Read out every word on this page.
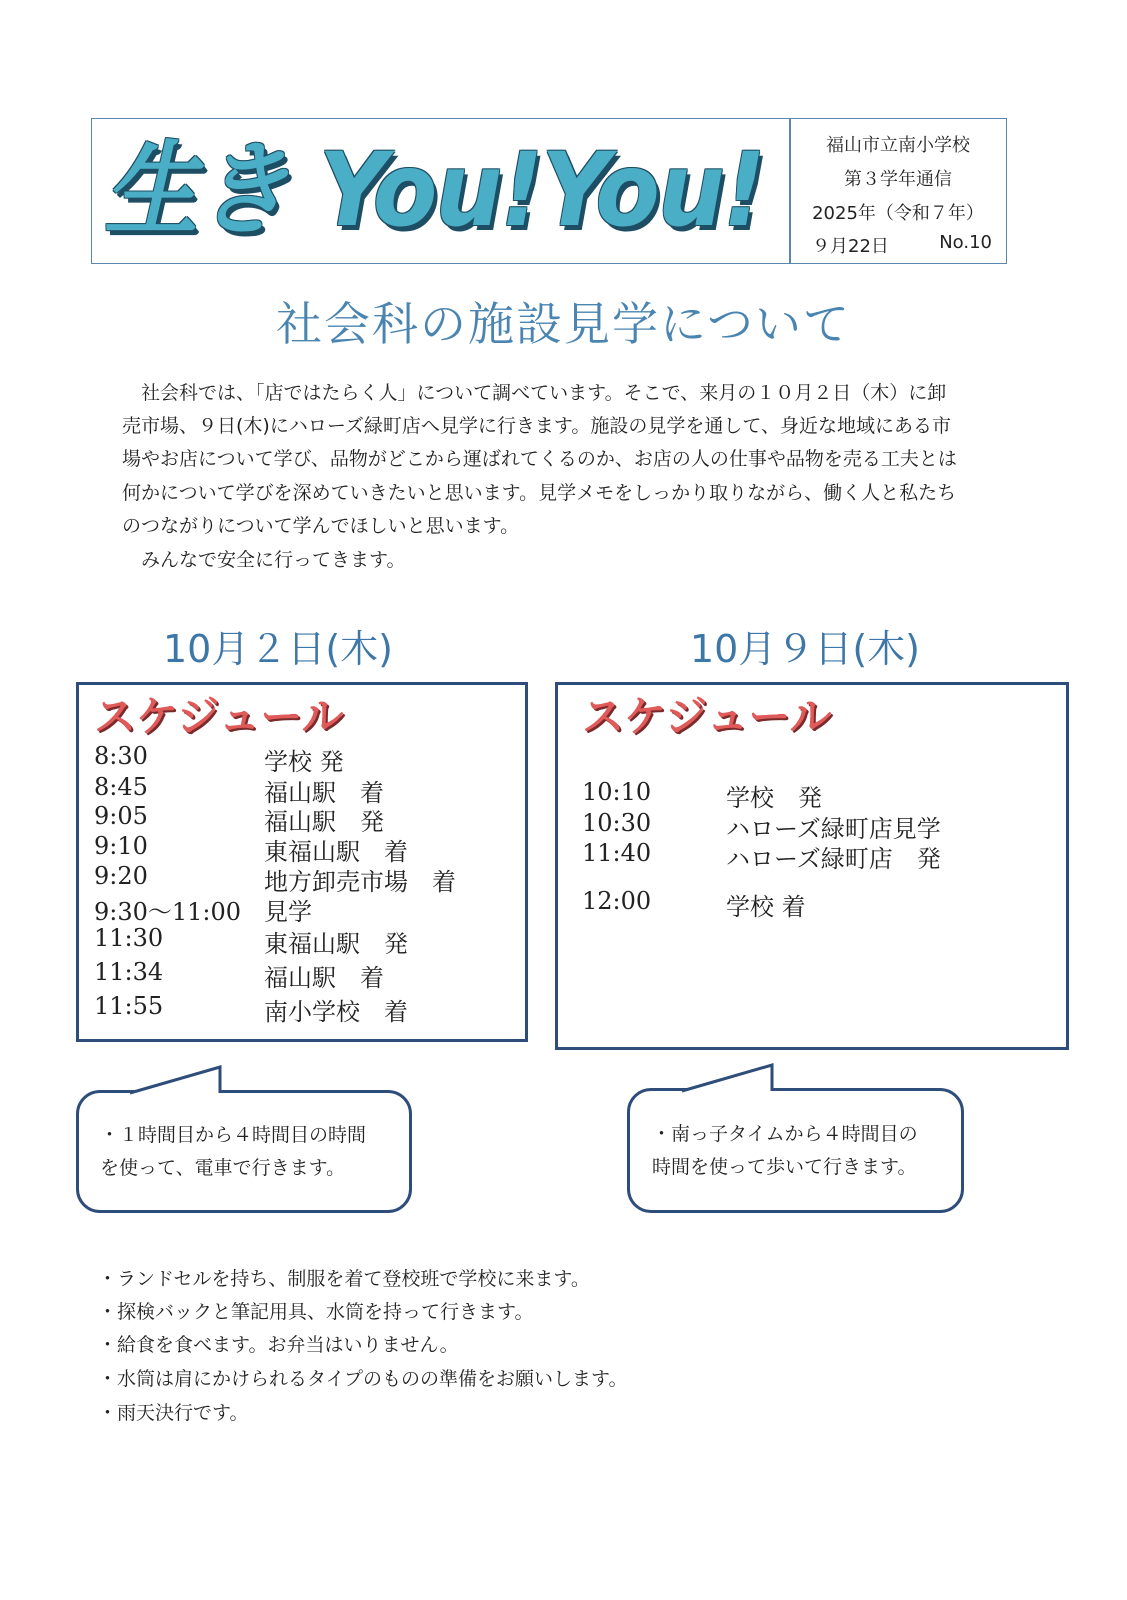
生き You!You!	福山市立南小学校
第３学年通信
2025年（令和７年）
９月22日	No.10
社会科の施設見学について
　社会科では、「店ではたらく人」について調べています。そこで、来月の１０月２日（木）に卸
売市場、９日(木)にハローズ緑町店へ見学に行きます。施設の見学を通して、身近な地域にある市
場やお店について学び、品物がどこから運ばれてくるのか、お店の人の仕事や品物を売る工夫とは
何かについて学びを深めていきたいと思います。見学メモをしっかり取りながら、働く人と私たち
のつながりについて学んでほしいと思います。
　みんなで安全に行ってきます。
10月２日(木)	10月９日(木)
スケジュール
8:30	学校 発
8:45	福山駅　着
9:05	福山駅　発
9:10	東福山駅　着
9:20	地方卸売市場　着
9:30～11:00 見学
11:30	東福山駅　発
11:34	福山駅　着
11:55	南小学校　着
スケジュール
10:10	学校　発
10:30	ハローズ緑町店見学
11:40	ハローズ緑町店　発
12:00	学校 着
・１時間目から４時間目の時間
を使って、電車で行きます。
・南っ子タイムから４時間目の
時間を使って歩いて行きます。
・ランドセルを持ち、制服を着て登校班で学校に来ます。
・探検バックと筆記用具、水筒を持って行きます。
・給食を食べます。お弁当はいりません。
・水筒は肩にかけられるタイプのものの準備をお願いします。
・雨天決行です。
